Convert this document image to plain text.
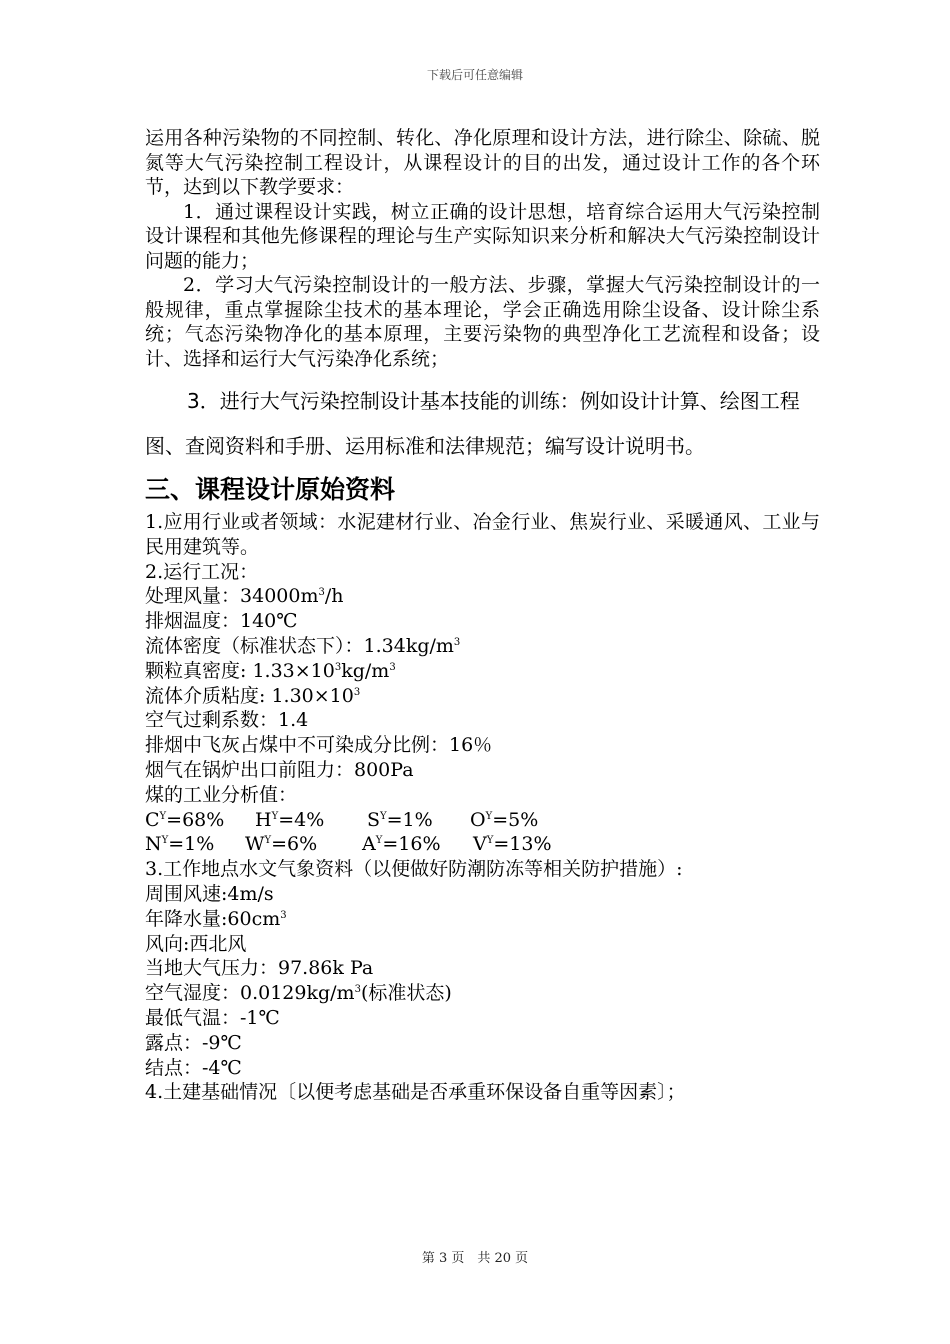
下载后可任意编辑

运用各种污染物的不同控制、转化、净化原理和设计方法，进行除尘、除硫、脱氮等大气污染控制工程设计，从课程设计的目的出发，通过设计工作的各个环节，达到以下教学要求：

1．通过课程设计实践，树立正确的设计思想，培育综合运用大气污染控制设计课程和其他先修课程的理论与生产实际知识来分析和解决大气污染控制设计问题的能力；

2．学习大气污染控制设计的一般方法、步骤，掌握大气污染控制设计的一般规律，重点掌握除尘技术的基本理论，学会正确选用除尘设备、设计除尘系统；气态污染物净化的基本原理，主要污染物的典型净化工艺流程和设备；设计、选择和运行大气污染净化系统；

3．进行大气污染控制设计基本技能的训练：例如设计计算、绘图工程图、查阅资料和手册、运用标准和法律规范；编写设计说明书。

三、课程设计原始资料
1.应用行业或者领域：水泥建材行业、冶金行业、焦炭行业、采暖通风、工业与民用建筑等。
2.运行工况：
处理风量：$34000m^3/h$
排烟温度：140℃
流体密度（标准状态下）：$1.34kg/m^3$
颗粒真密度: $1.33\times 10^3kg/m^3$
流体介质粘度: $1.30\times 10^3$
空气过剩系数：1.4
排烟中飞灰占煤中不可染成分比例：16％
烟气在锅炉出口前阻力：800Pa
煤的工业分析值：
$C^Y=68\%$ $H^Y=4\%$ $S^Y=1\%$ $O^Y=5\%$
$N^Y=1\%$ $W^Y=6\%$ $A^Y=16\%$ $V^Y=13\%$
3.工作地点水文气象资料（以便做好防潮防冻等相关防护措施）:
周围风速:4m/s
年降水量$:60cm^3$
风向:西北风
当地大气压力：97.86k Pa
空气湿度：$0.0129kg/m^3$(标准状态)
最低气温：-1℃
露点：-9℃
结点：-4℃
4.土建基础情况〔以便考虑基础是否承重环保设备自重等因素〕；
第 3 页　共 20 页
